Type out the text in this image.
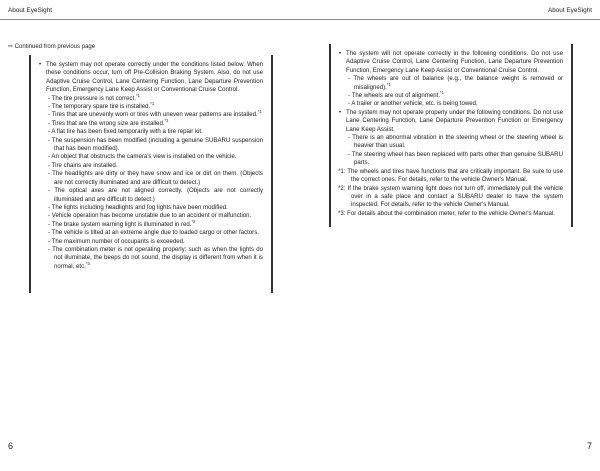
About EyeSight	About EyeSight
⇨ Continued from previous page

• The system may not operate correctly under the conditions listed below. When these conditions occur, turn off Pre-Collision Braking System. Also, do not use Adaptive Cruise Control, Lane Centering Function, Lane Departure Prevention Function, Emergency Lane Keep Assist or Conventional Cruise Control.

- The tire pressure is not correct.$^{*1}$
- The temporary spare tire is installed.$^{*1}$
- Tires that are unevenly worn or tires with uneven wear patterns are installed.$^{*1}$
- Tires that are the wrong size are installed.$^{*1}$
- A flat tire has been fixed temporarily with a tire repair kit.
- The suspension has been modified (including a genuine SUBARU suspension that has been modified).
- An object that obstructs the camera's view is installed on the vehicle.
- Tire chains are installed.
- The headlights are dirty or they have snow and ice or dirt on them. (Objects are not correctly illuminated and are difficult to detect.)
- The optical axes are not aligned correctly. (Objects are not correctly illuminated and are difficult to detect.)
- The lights including headlights and fog lights have been modified.
- Vehicle operation has become unstable due to an accident or malfunction.
- The brake system warning light is illuminated in red.$^{*2}$
- The vehicle is tilted at an extreme angle due to loaded cargo or other factors.
- The maximum number of occupants is exceeded.
- The combination meter is not operating properly; such as when the lights do not illuminate, the beeps do not sound, the display is different from when it is normal, etc.$^{*3}$

• The system will not operate correctly in the following conditions. Do not use Adaptive Cruise Control, Lane Centering Function, Lane Departure Prevention Function, Emergency Lane Keep Assist or Conventional Cruise Control.

- The wheels are out of balance (e.g., the balance weight is removed or misaligned).$^{*1}$
- The wheels are out of alignment.$^{*1}$
- A trailer or another vehicle, etc. is being towed.

• The system may not operate properly under the following conditions. Do not use Lane Centering Function, Lane Departure Prevention Function or Emergency Lane Keep Assist.

- There is an abnormal vibration in the steering wheel or the steering wheel is heavier than usual.
- The steering wheel has been replaced with parts other than genuine SUBARU parts.

*1: The wheels and tires have functions that are critically important. Be sure to use the correct ones. For details, refer to the vehicle Owner's Manual.

*2: If the brake system warning light does not turn off, immediately pull the vehicle over in a safe place and contact a SUBARU dealer to have the system inspected. For details, refer to the vehicle Owner's Manual.

*3: For details about the combination meter, refer to the vehicle Owner's Manual.

6	7
